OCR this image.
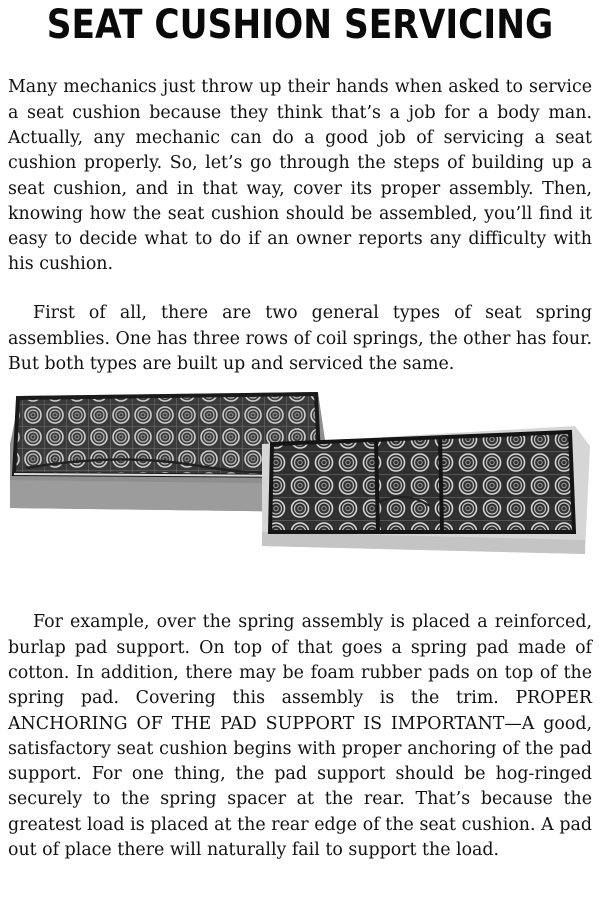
SEAT CUSHION SERVICING

Many mechanics just throw up their hands when asked to service a seat cushion because they think that’s a job for a body man. Actually, any mechanic can do a good job of servicing a seat cushion properly. So, let’s go through the steps of building up a seat cushion, and in that way, cover its proper assembly. Then, knowing how the seat cushion should be assembled, you’ll find it easy to decide what to do if an owner reports any difficulty with his cushion.

First of all, there are two general types of seat spring assemblies. One has three rows of coil springs, the other has four. But both types are built up and serviced the same.

For example, over the spring assembly is placed a reinforced, burlap pad support. On top of that goes a spring pad made of cotton. In addition, there may be foam rubber pads on top of the spring pad. Covering this assembly is the trim. PROPER ANCHORING OF THE PAD SUPPORT IS IMPORTANT—A good, satisfactory seat cushion begins with proper anchoring of the pad support. For one thing, the pad support should be hog-ringed securely to the spring spacer at the rear. That’s because the greatest load is placed at the rear edge of the seat cushion. A pad out of place there will naturally fail to support the load.
